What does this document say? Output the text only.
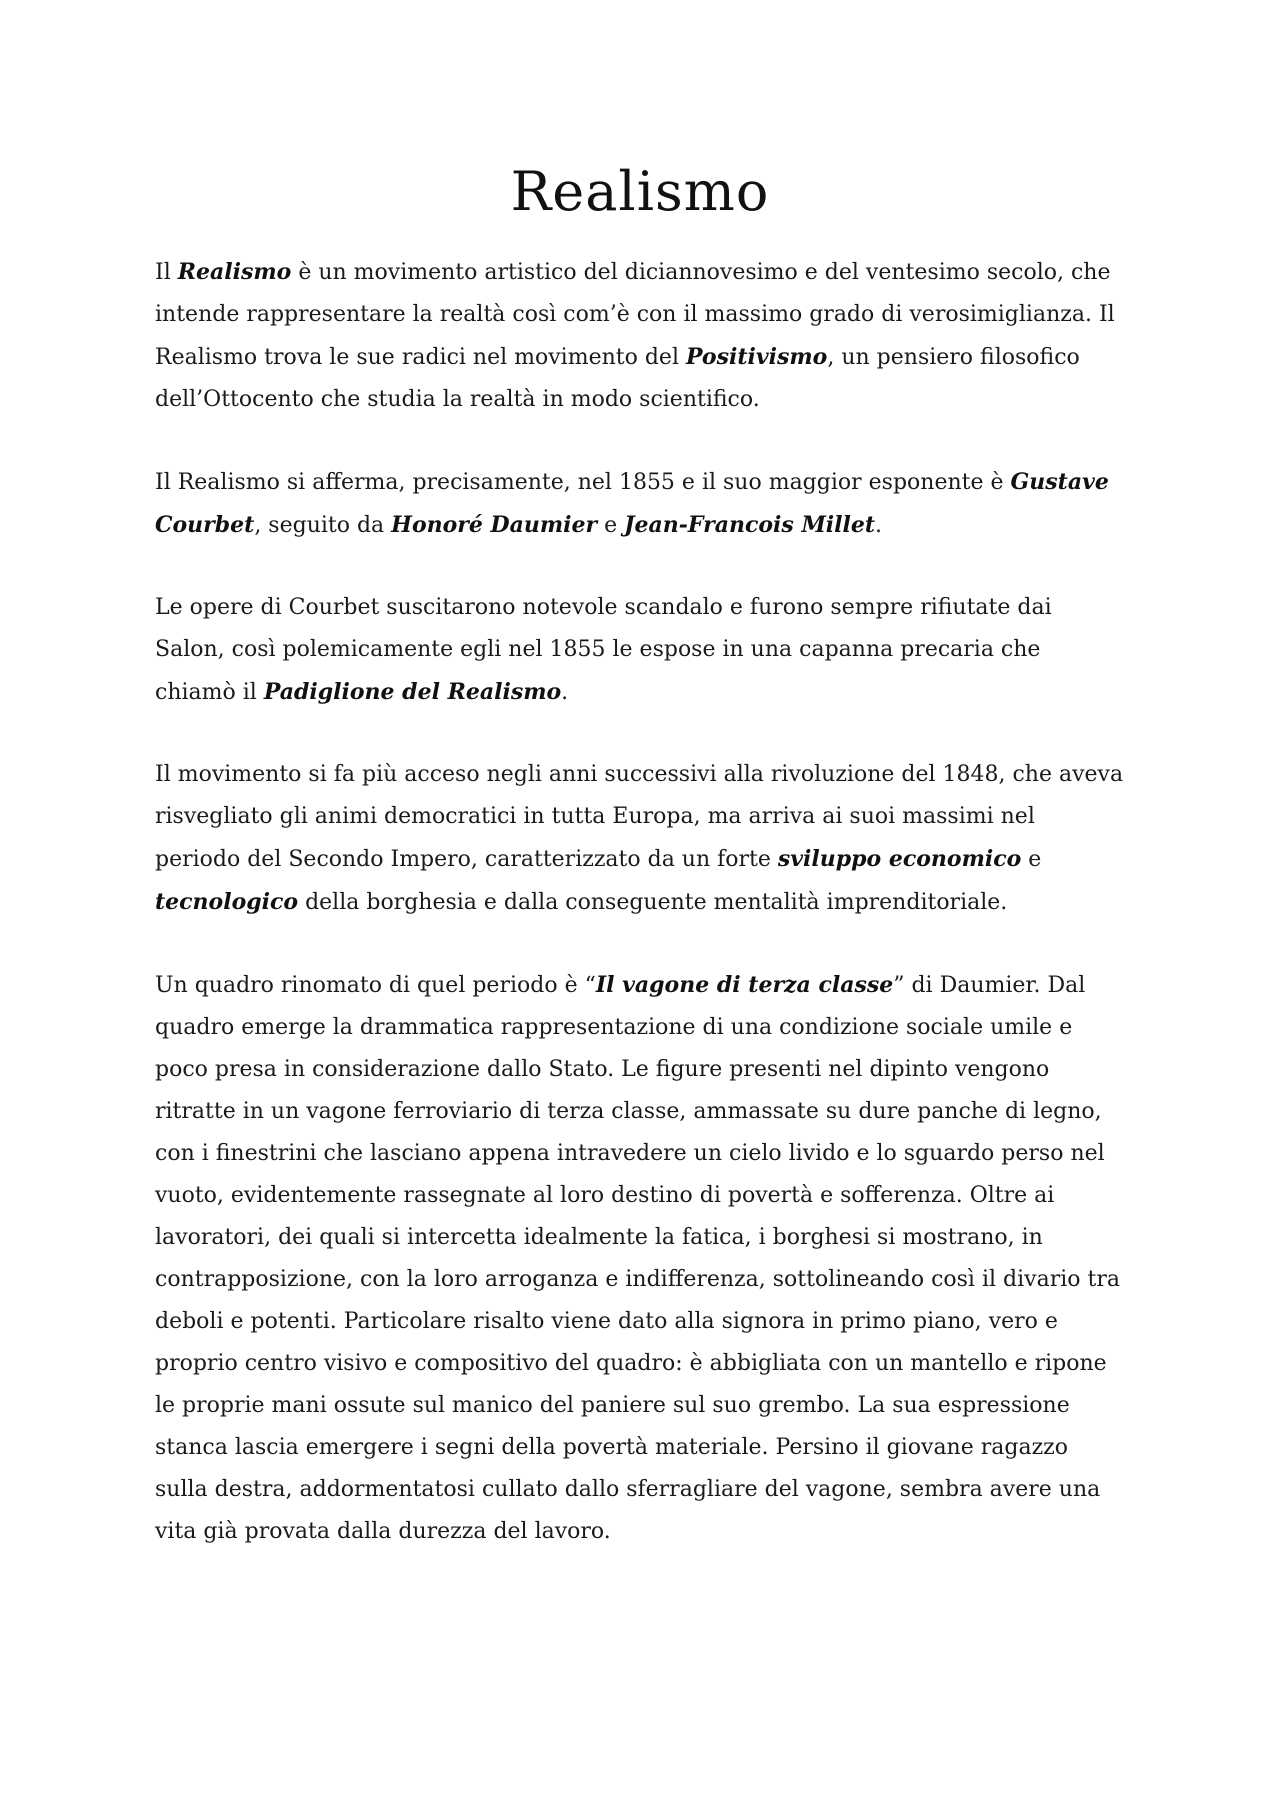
Realismo

Il Realismo è un movimento artistico del diciannovesimo e del ventesimo secolo, che intende rappresentare la realtà così com’è con il massimo grado di verosimiglianza. Il Realismo trova le sue radici nel movimento del Positivismo, un pensiero filosofico dell’Ottocento che studia la realtà in modo scientifico.

Il Realismo si afferma, precisamente, nel 1855 e il suo maggior esponente è Gustave Courbet, seguito da Honoré Daumier e Jean-Francois Millet.

Le opere di Courbet suscitarono notevole scandalo e furono sempre rifiutate dai Salon, così polemicamente egli nel 1855 le espose in una capanna precaria che chiamò il Padiglione del Realismo.

Il movimento si fa più acceso negli anni successivi alla rivoluzione del 1848, che aveva risvegliato gli animi democratici in tutta Europa, ma arriva ai suoi massimi nel periodo del Secondo Impero, caratterizzato da un forte sviluppo economico e tecnologico della borghesia e dalla conseguente mentalità imprenditoriale.

Un quadro rinomato di quel periodo è “Il vagone di terza classe” di Daumier. Dal quadro emerge la drammatica rappresentazione di una condizione sociale umile e poco presa in considerazione dallo Stato. Le figure presenti nel dipinto vengono ritratte in un vagone ferroviario di terza classe, ammassate su dure panche di legno, con i finestrini che lasciano appena intravedere un cielo livido e lo sguardo perso nel vuoto, evidentemente rassegnate al loro destino di povertà e sofferenza. Oltre ai lavoratori, dei quali si intercetta idealmente la fatica, i borghesi si mostrano, in contrapposizione, con la loro arroganza e indifferenza, sottolineando così il divario tra deboli e potenti. Particolare risalto viene dato alla signora in primo piano, vero e proprio centro visivo e compositivo del quadro: è abbigliata con un mantello e ripone le proprie mani ossute sul manico del paniere sul suo grembo. La sua espressione stanca lascia emergere i segni della povertà materiale. Persino il giovane ragazzo sulla destra, addormentatosi cullato dallo sferragliare del vagone, sembra avere una vita già provata dalla durezza del lavoro.
